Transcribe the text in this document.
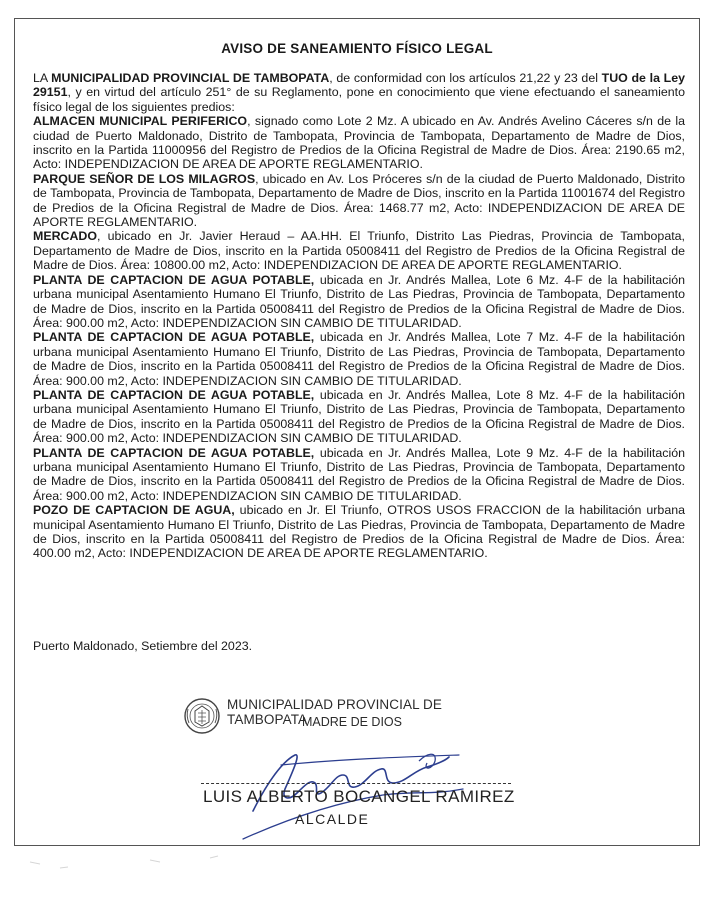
AVISO DE SANEAMIENTO FÍSICO LEGAL

LA MUNICIPALIDAD PROVINCIAL DE TAMBOPATA, de conformidad con los artículos 21,22 y 23 del TUO de la Ley 29151, y en virtud del artículo 251° de su Reglamento, pone en conocimiento que viene efectuando el saneamiento físico legal de los siguientes predios:

ALMACEN MUNICIPAL PERIFERICO, signado como Lote 2 Mz. A ubicado en Av. Andrés Avelino Cáceres s/n de la ciudad de Puerto Maldonado, Distrito de Tambopata, Provincia de Tambopata, Departamento de Madre de Dios, inscrito en la Partida 11000956 del Registro de Predios de la Oficina Registral de Madre de Dios. Área: 2190.65 m2, Acto: INDEPENDIZACION DE AREA DE APORTE REGLAMENTARIO.

PARQUE SEÑOR DE LOS MILAGROS, ubicado en Av. Los Próceres s/n de la ciudad de Puerto Maldonado, Distrito de Tambopata, Provincia de Tambopata, Departamento de Madre de Dios, inscrito en la Partida 11001674 del Registro de Predios de la Oficina Registral de Madre de Dios. Área: 1468.77 m2, Acto: INDEPENDIZACION DE AREA DE APORTE REGLAMENTARIO.

MERCADO, ubicado en Jr. Javier Heraud – AA.HH. El Triunfo, Distrito Las Piedras, Provincia de Tambopata, Departamento de Madre de Dios, inscrito en la Partida 05008411 del Registro de Predios de la Oficina Registral de Madre de Dios. Área: 10800.00 m2, Acto: INDEPENDIZACION DE AREA DE APORTE REGLAMENTARIO.

PLANTA DE CAPTACION DE AGUA POTABLE, ubicada en Jr. Andrés Mallea, Lote 6 Mz. 4-F de la habilitación urbana municipal Asentamiento Humano El Triunfo, Distrito de Las Piedras, Provincia de Tambopata, Departamento de Madre de Dios, inscrito en la Partida 05008411 del Registro de Predios de la Oficina Registral de Madre de Dios. Área: 900.00 m2, Acto: INDEPENDIZACION SIN CAMBIO DE TITULARIDAD.

PLANTA DE CAPTACION DE AGUA POTABLE, ubicada en Jr. Andrés Mallea, Lote 7 Mz. 4-F de la habilitación urbana municipal Asentamiento Humano El Triunfo, Distrito de Las Piedras, Provincia de Tambopata, Departamento de Madre de Dios, inscrito en la Partida 05008411 del Registro de Predios de la Oficina Registral de Madre de Dios. Área: 900.00 m2, Acto: INDEPENDIZACION SIN CAMBIO DE TITULARIDAD.

PLANTA DE CAPTACION DE AGUA POTABLE, ubicada en Jr. Andrés Mallea, Lote 8 Mz. 4-F de la habilitación urbana municipal Asentamiento Humano El Triunfo, Distrito de Las Piedras, Provincia de Tambopata, Departamento de Madre de Dios, inscrito en la Partida 05008411 del Registro de Predios de la Oficina Registral de Madre de Dios. Área: 900.00 m2, Acto: INDEPENDIZACION SIN CAMBIO DE TITULARIDAD.

PLANTA DE CAPTACION DE AGUA POTABLE, ubicada en Jr. Andrés Mallea, Lote 9 Mz. 4-F de la habilitación urbana municipal Asentamiento Humano El Triunfo, Distrito de Las Piedras, Provincia de Tambopata, Departamento de Madre de Dios, inscrito en la Partida 05008411 del Registro de Predios de la Oficina Registral de Madre de Dios. Área: 900.00 m2, Acto: INDEPENDIZACION SIN CAMBIO DE TITULARIDAD.

POZO DE CAPTACION DE AGUA, ubicado en Jr. El Triunfo, OTROS USOS FRACCION de la habilitación urbana municipal Asentamiento Humano El Triunfo, Distrito de Las Piedras, Provincia de Tambopata, Departamento de Madre de Dios, inscrito en la Partida 05008411 del Registro de Predios de la Oficina Registral de Madre de Dios. Área: 400.00 m2, Acto: INDEPENDIZACION DE AREA DE APORTE REGLAMENTARIO.

Puerto Maldonado, Setiembre del 2023.
MUNICIPALIDAD PROVINCIAL DE TAMBOPATA
MADRE DE DIOS
LUIS ALBERTO BOCANGEL RAMIREZ
ALCALDE
